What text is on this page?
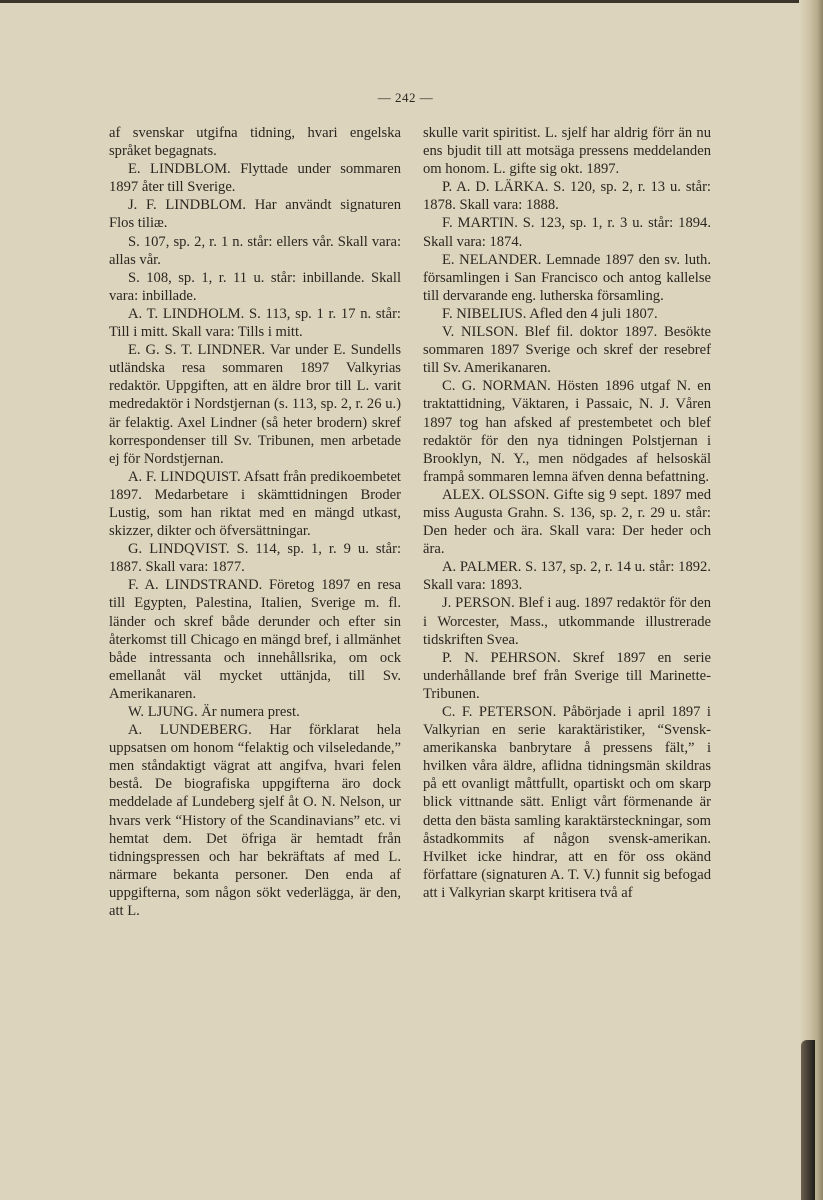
— 242 —

af svenskar utgifna tidning, hvari engelska språket begagnats.

E. LINDBLOM. Flyttade under sommaren 1897 åter till Sverige.

J. F. LINDBLOM. Har användt signaturen Flos tiliæ.

S. 107, sp. 2, r. 1 n. står: ellers vår. Skall vara: allas vår.

S. 108, sp. 1, r. 11 u. står: inbillande. Skall vara: inbillade.

A. T. LINDHOLM. S. 113, sp. 1 r. 17 n. står: Till i mitt. Skall vara: Tills i mitt.

E. G. S. T. LINDNER. Var under E. Sundells utländska resa sommaren 1897 Valkyrias redaktör. Uppgiften, att en äldre bror till L. varit medredaktör i Nordstjernan (s. 113, sp. 2, r. 26 u.) är felaktig. Axel Lindner (så heter brodern) skref korrespondenser till Sv. Tribunen, men arbetade ej för Nordstjernan.

A. F. LINDQUIST. Afsatt från predikoembetet 1897. Medarbetare i skämttidningen Broder Lustig, som han riktat med en mängd utkast, skizzer, dikter och öfversättningar.

G. LINDQVIST. S. 114, sp. 1, r. 9 u. står: 1887. Skall vara: 1877.

F. A. LINDSTRAND. Företog 1897 en resa till Egypten, Palestina, Italien, Sverige m. fl. länder och skref både derunder och efter sin återkomst till Chicago en mängd bref, i allmänhet både intressanta och innehållsrika, om ock emellanåt väl mycket uttänjda, till Sv. Amerikanaren.

W. LJUNG. Är numera prest.

A. LUNDEBERG. Har förklarat hela uppsatsen om honom “felaktig och vilseledande,” men ståndaktigt vägrat att angifva, hvari felen bestå. De biografiska uppgifterna äro dock meddelade af Lundeberg sjelf åt O. N. Nelson, ur hvars verk “History of the Scandinavians” etc. vi hemtat dem. Det öfriga är hemtadt från tidningspressen och har bekräftats af med L. närmare bekanta personer. Den enda af uppgifterna, som någon sökt vederlägga, är den, att L.

skulle varit spiritist. L. sjelf har aldrig förr än nu ens bjudit till att motsäga pressens meddelanden om honom. L. gifte sig okt. 1897.

P. A. D. LÄRKA. S. 120, sp. 2, r. 13 u. står: 1878. Skall vara: 1888.

F. MARTIN. S. 123, sp. 1, r. 3 u. står: 1894. Skall vara: 1874.

E. NELANDER. Lemnade 1897 den sv. luth. församlingen i San Francisco och antog kallelse till dervarande eng. lutherska församling.

F. NIBELIUS. Afled den 4 juli 1807.

V. NILSON. Blef fil. doktor 1897. Besökte sommaren 1897 Sverige och skref der resebref till Sv. Amerikanaren.

C. G. NORMAN. Hösten 1896 utgaf N. en traktattidning, Väktaren, i Passaic, N. J. Våren 1897 tog han afsked af prestembetet och blef redaktör för den nya tidningen Polstjernan i Brooklyn, N. Y., men nödgades af helsoskäl frampå sommaren lemna äfven denna befattning.

ALEX. OLSSON. Gifte sig 9 sept. 1897 med miss Augusta Grahn. S. 136, sp. 2, r. 29 u. står: Den heder och ära. Skall vara: Der heder och ära.

A. PALMER. S. 137, sp. 2, r. 14 u. står: 1892. Skall vara: 1893.

J. PERSON. Blef i aug. 1897 redaktör för den i Worcester, Mass., utkommande illustrerade tidskriften Svea.

P. N. PEHRSON. Skref 1897 en serie underhållande bref från Sverige till Marinette-Tribunen.

C. F. PETERSON. Påbörjade i april 1897 i Valkyrian en serie karaktäristiker, “Svensk-amerikanska banbrytare å pressens fält,” i hvilken våra äldre, aflidna tidningsmän skildras på ett ovanligt måttfullt, opartiskt och om skarp blick vittnande sätt. Enligt vårt förmenande är detta den bästa samling karaktärsteckningar, som åstadkommits af någon svensk-amerikan. Hvilket icke hindrar, att en för oss okänd författare (signaturen A. T. V.) funnit sig befogad att i Valkyrian skarpt kritisera två af
